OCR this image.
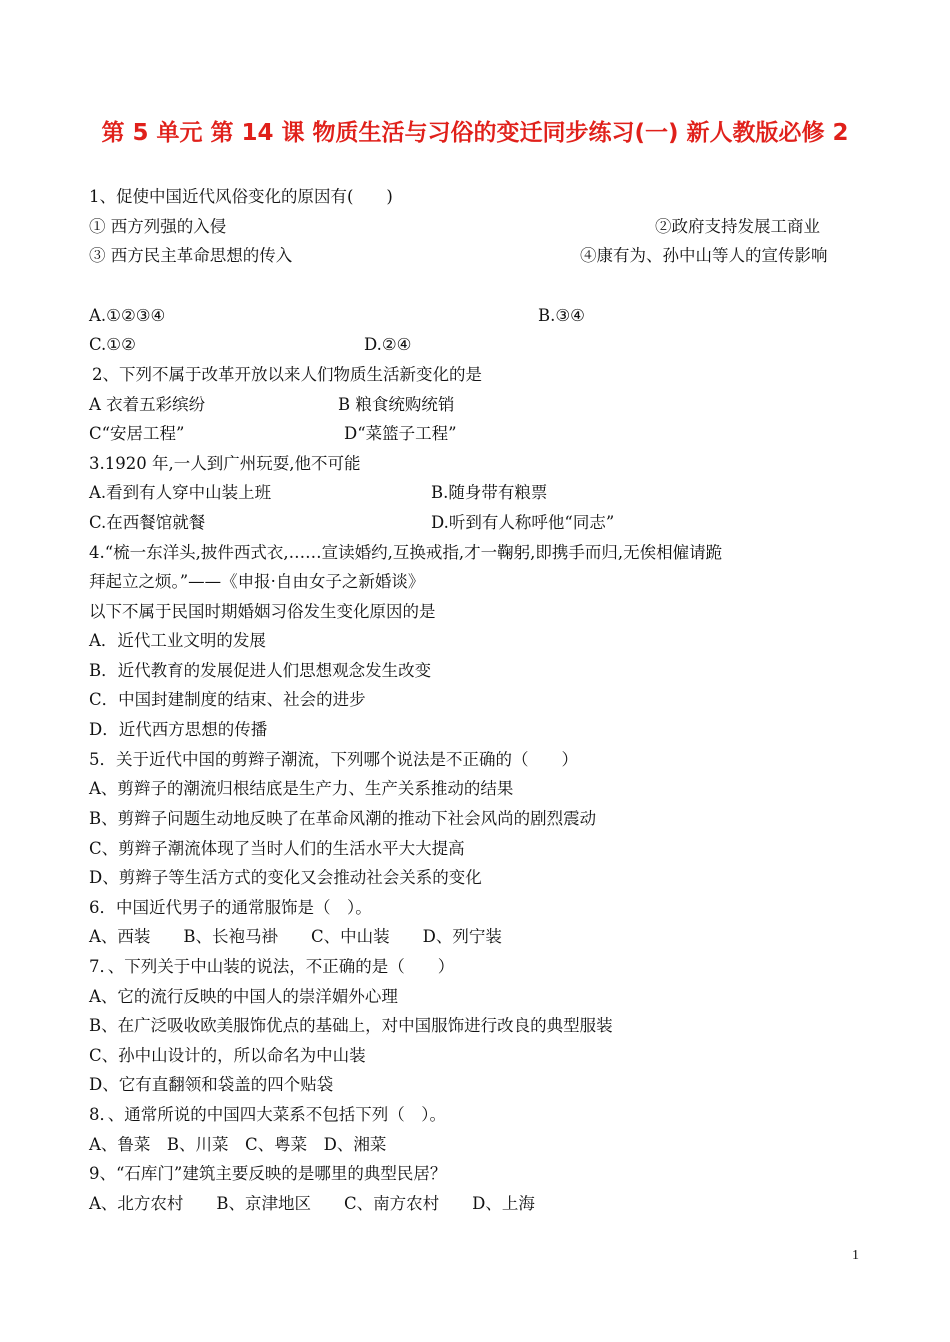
第 5 单元 第 14 课 物质生活与习俗的变迁同步练习(一) 新人教版必修 2
1、促使中国近代风俗变化的原因有(　　)
① 西方列强的入侵	②政府支持发展工商业
③ 西方民主革命思想的传入	④康有为、孙中山等人的宣传影响
A.①②③④	B.③④
C.①②	D.②④
2、下列不属于改革开放以来人们物质生活新变化的是
A 衣着五彩缤纷	B 粮食统购统销
C“安居工程”	D“菜篮子工程”
3.1920 年,一人到广州玩耍,他不可能
A.看到有人穿中山装上班	B.随身带有粮票
C.在西餐馆就餐	D.听到有人称呼他“同志”
4.“梳一东洋头,披件西式衣,……宣读婚约,互换戒指,才一鞠躬,即携手而归,无俟相僱请跪
拜起立之烦。”——《申报·自由女子之新婚谈》
以下不属于民国时期婚姻习俗发生变化原因的是
A．近代工业文明的发展
B．近代教育的发展促进人们思想观念发生改变
C．中国封建制度的结束、社会的进步
D．近代西方思想的传播
5．关于近代中国的剪辫子潮流，下列哪个说法是不正确的（　　）
A、剪辫子的潮流归根结底是生产力、生产关系推动的结果
B、剪辫子问题生动地反映了在革命风潮的推动下社会风尚的剧烈震动
C、剪辫子潮流体现了当时人们的生活水平大大提高
D、剪辫子等生活方式的变化又会推动社会关系的变化
6．中国近代男子的通常服饰是（　）。
A、西装　　B、长袍马褂　　C、中山装　　D、列宁装
7．、下列关于中山装的说法，不正确的是（　　）
A、它的流行反映的中国人的崇洋媚外心理
B、在广泛吸收欧美服饰优点的基础上，对中国服饰进行改良的典型服装
C、孙中山设计的，所以命名为中山装
D、它有直翻领和袋盖的四个贴袋
8．、通常所说的中国四大菜系不包括下列（　）。
A、鲁菜　B、川菜　C、粤菜　D、湘菜
9、“石库门”建筑主要反映的是哪里的典型民居？
A、北方农村　　B、京津地区　　C、南方农村　　D、上海
1
